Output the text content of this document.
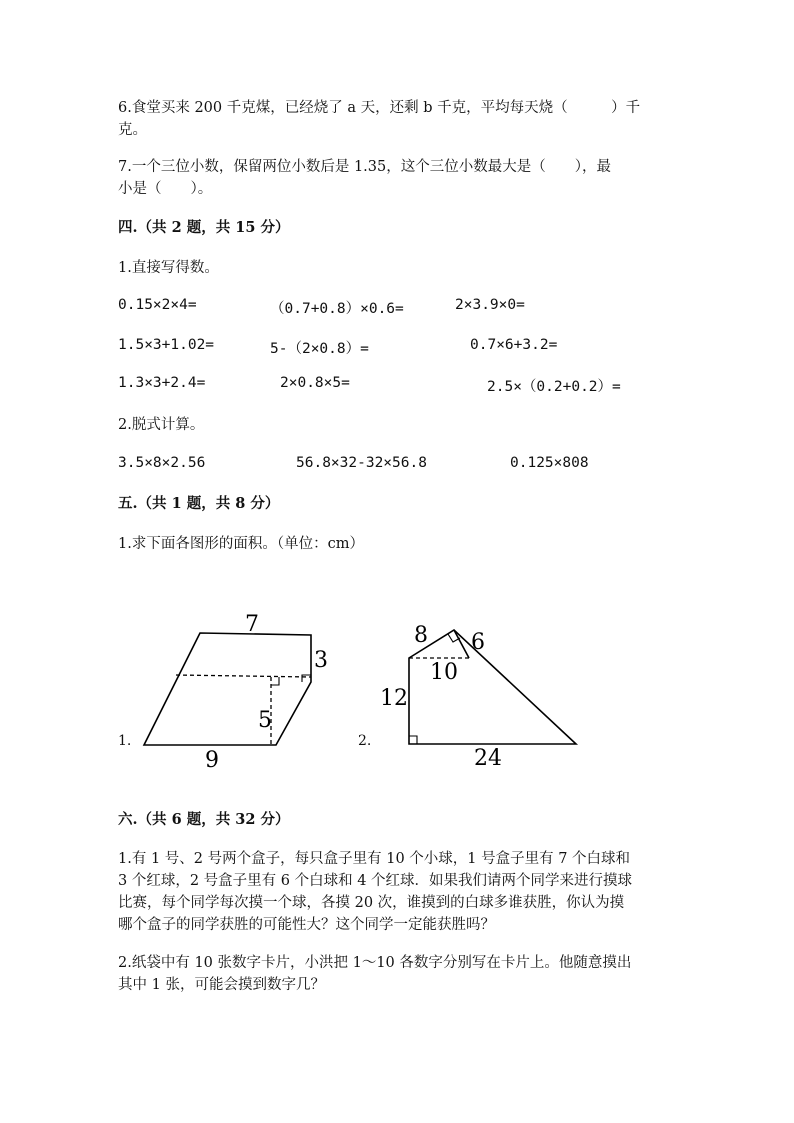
6.食堂买来 200 千克煤，已经烧了 a 天，还剩 b 千克，平均每天烧（　　　）千

克。

7.一个三位小数，保留两位小数后是 1.35，这个三位小数最大是（　　），最

小是（　　）。

四.（共 2 题，共 15 分）

1.直接写得数。

0.15×2×4=	（0.7+0.8）×0.6=	2×3.9×0=
1.5×3+1.02=	5-（2×0.8）=	0.7×6+3.2=
1.3×3+2.4=	2×0.8×5=	2.5×（0.2+0.2）=

2.脱式计算。

3.5×8×2.56	56.8×32-32×56.8	0.125×808

五.（共 1 题，共 8 分）

1.求下面各图形的面积。（单位：cm）

1.
7
3
5
9
2.
8 6
10
12
24

六.（共 6 题，共 32 分）

1.有 1 号、2 号两个盒子，每只盒子里有 10 个小球，1 号盒子里有 7 个白球和

3 个红球，2 号盒子里有 6 个白球和 4 个红球．如果我们请两个同学来进行摸球

比赛，每个同学每次摸一个球，各摸 20 次，谁摸到的白球多谁获胜，你认为摸

哪个盒子的同学获胜的可能性大？这个同学一定能获胜吗？

2.纸袋中有 10 张数字卡片，小洪把 1～10 各数字分别写在卡片上。他随意摸出

其中 1 张，可能会摸到数字几？
